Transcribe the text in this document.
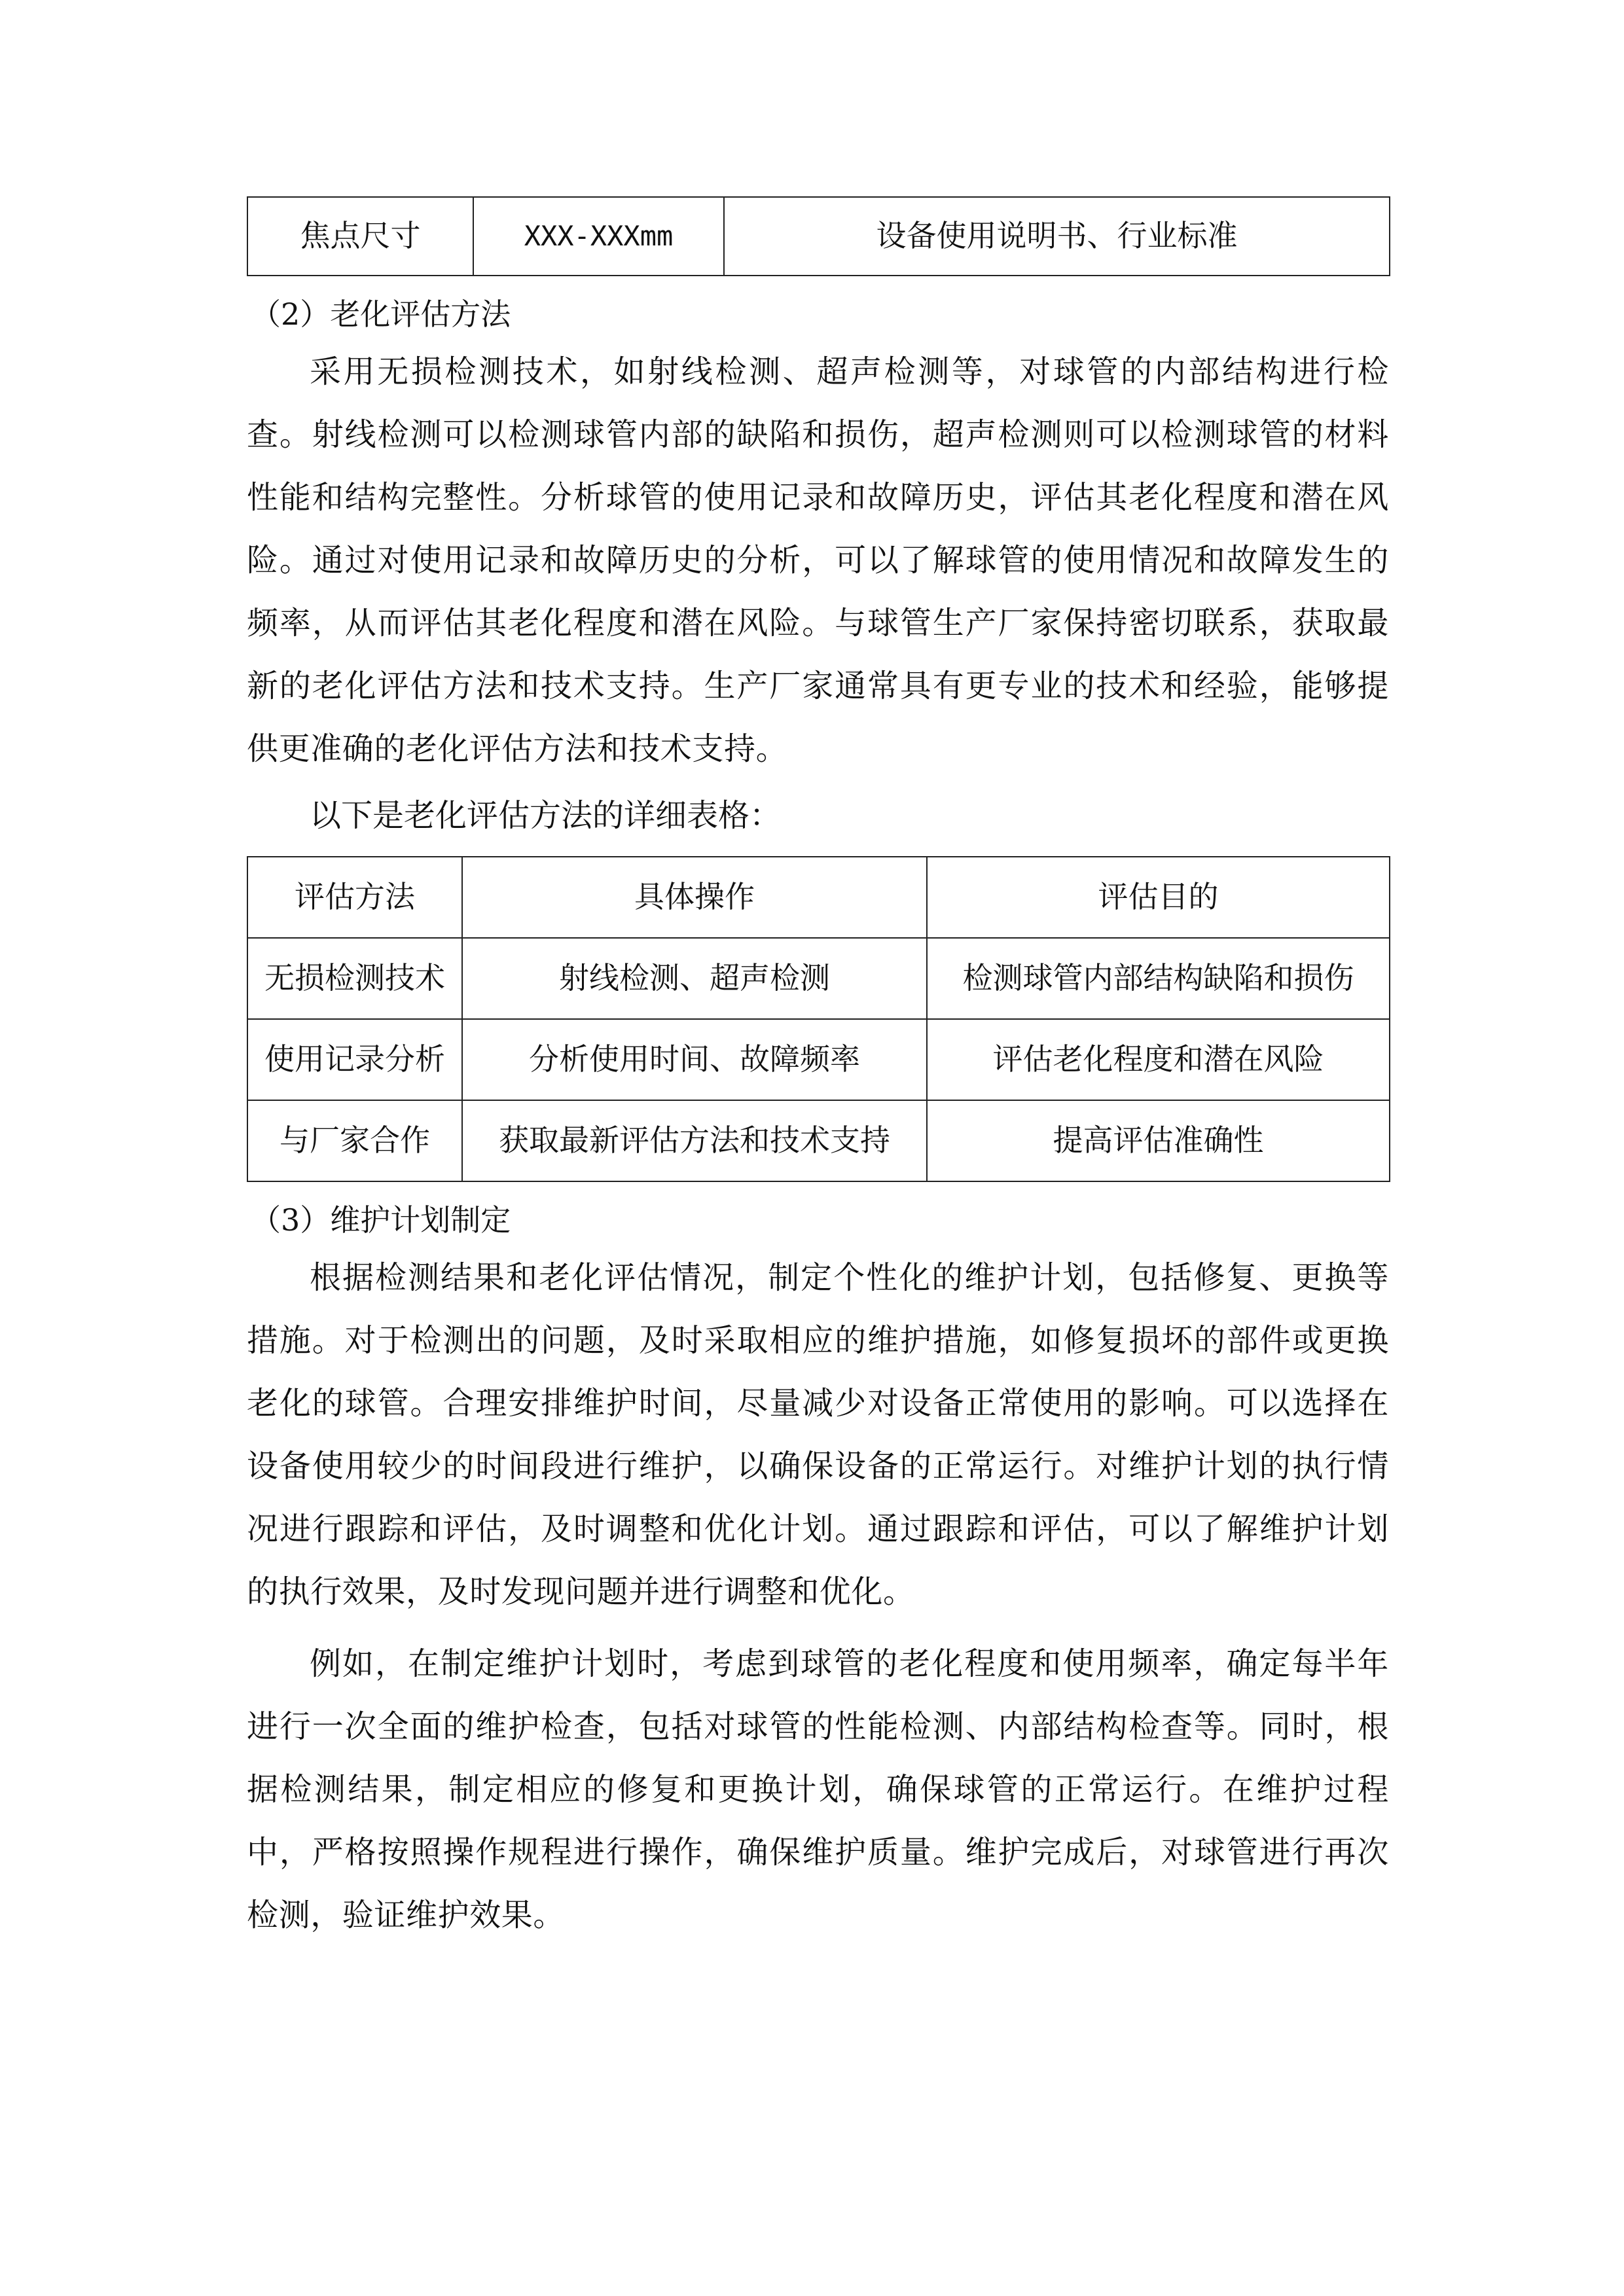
焦点尺寸	XXX-XXXmm	设备使用说明书、行业标准
（2）老化评估方法

采用无损检测技术，如射线检测、超声检测等，对球管的内部结构进行检查。射线检测可以检测球管内部的缺陷和损伤，超声检测则可以检测球管的材料性能和结构完整性。分析球管的使用记录和故障历史，评估其老化程度和潜在风险。通过对使用记录和故障历史的分析，可以了解球管的使用情况和故障发生的频率，从而评估其老化程度和潜在风险。与球管生产厂家保持密切联系，获取最新的老化评估方法和技术支持。生产厂家通常具有更专业的技术和经验，能够提供更准确的老化评估方法和技术支持。

以下是老化评估方法的详细表格：

评估方法	具体操作	评估目的
无损检测技术	射线检测、超声检测	检测球管内部结构缺陷和损伤
使用记录分析	分析使用时间、故障频率	评估老化程度和潜在风险
与厂家合作	获取最新评估方法和技术支持	提高评估准确性
（3）维护计划制定

根据检测结果和老化评估情况，制定个性化的维护计划，包括修复、更换等措施。对于检测出的问题，及时采取相应的维护措施，如修复损坏的部件或更换老化的球管。合理安排维护时间，尽量减少对设备正常使用的影响。可以选择在设备使用较少的时间段进行维护，以确保设备的正常运行。对维护计划的执行情况进行跟踪和评估，及时调整和优化计划。通过跟踪和评估，可以了解维护计划的执行效果，及时发现问题并进行调整和优化。

例如，在制定维护计划时，考虑到球管的老化程度和使用频率，确定每半年进行一次全面的维护检查，包括对球管的性能检测、内部结构检查等。同时，根据检测结果，制定相应的修复和更换计划，确保球管的正常运行。在维护过程中，严格按照操作规程进行操作，确保维护质量。维护完成后，对球管进行再次检测，验证维护效果。
